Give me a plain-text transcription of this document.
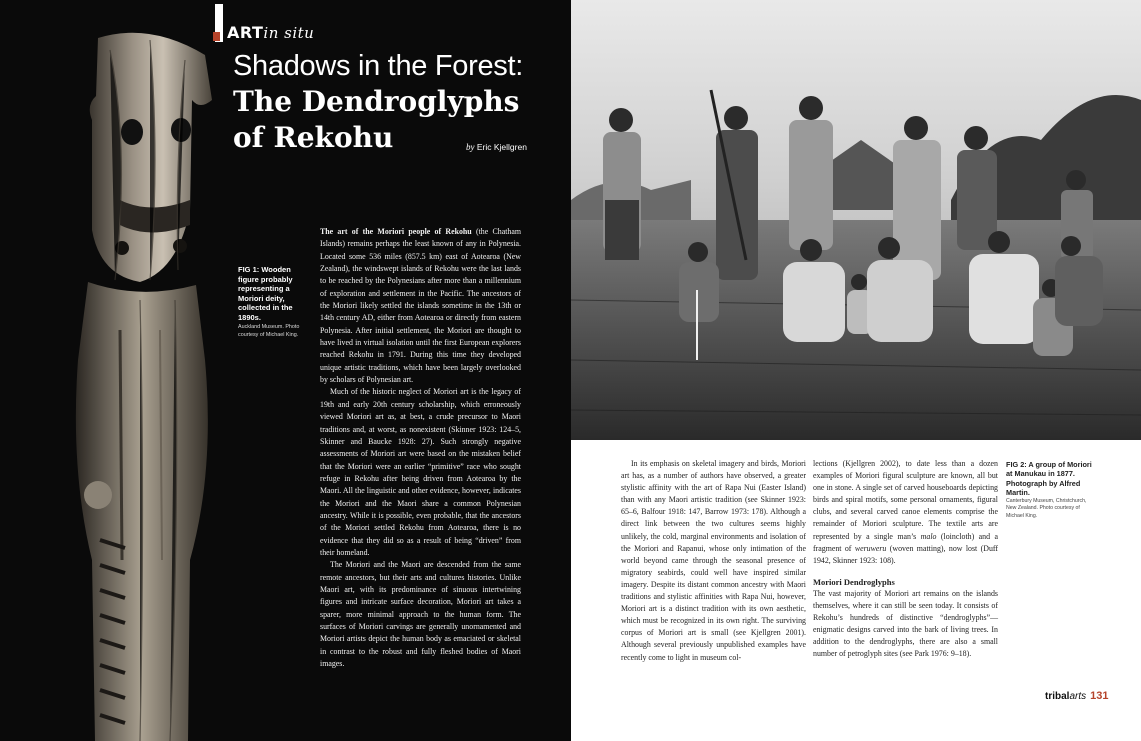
ARTin situ
Shadows in the Forest:
The Dendroglyphs
of Rekohu	by Eric Kjellgren
FIG 1: Wooden figure probably representing a Moriori deity, collected in the 1890s.
Auckland Museum. Photo courtesy of Michael King.

The art of the Moriori people of Rekohu (the Chatham Islands) remains perhaps the least known of any in Polynesia. Located some 536 miles (857.5 km) east of Aotearoa (New Zealand), the windswept islands of Rekohu were the last lands to be reached by the Polynesians after more than a millennium of exploration and settlement in the Pacific. The ancestors of the Moriori likely settled the islands sometime in the 13th or 14th century AD, either from Aotearoa or directly from eastern Polynesia. After initial settlement, the Moriori are thought to have lived in virtual isolation until the first European explorers reached Rekohu in 1791. During this time they developed unique artistic traditions, which have been largely overlooked by scholars of Polynesian art.

Much of the historic neglect of Moriori art is the legacy of 19th and early 20th century scholarship, which erroneously viewed Moriori art as, at best, a crude precursor to Maori traditions and, at worst, as nonexistent (Skinner 1923: 124–5, Skinner and Baucke 1928: 27). Such strongly negative assessments of Moriori art were based on the mistaken belief that the Moriori were an earlier “primitive” race who sought refuge in Rekohu after being driven from Aotearoa by the Maori. All the linguistic and other evidence, however, indicates the Moriori and the Maori share a common Polynesian ancestry. While it is possible, even probable, that the ancestors of the Moriori settled Rekohu from Aotearoa, there is no evidence that they did so as a result of being “driven” from their homeland.

The Moriori and the Maori are descended from the same remote ancestors, but their arts and cultures histories. Unlike Maori art, with its predominance of sinuous intertwining figures and intricate surface decoration, Moriori art takes a sparer, more minimal approach to the human form. The surfaces of Moriori carvings are generally unornamented and Moriori artists depict the human body as emaciated or skeletal in contrast to the robust and fully fleshed bodies of Maori images.

In its emphasis on skeletal imagery and birds, Moriori art has, as a number of authors have observed, a greater stylistic affinity with the art of Rapa Nui (Easter Island) than with any Maori artistic tradition (see Skinner 1923: 65–6, Balfour 1918: 147, Barrow 1973: 178). Although a direct link between the two cultures seems highly unlikely, the cold, marginal environments and isolation of the Moriori and Rapanui, whose only intimation of the world beyond came through the seasonal presence of migratory seabirds, could well have inspired similar imagery. Despite its distant common ancestry with Maori traditions and stylistic affinities with Rapa Nui, however, Moriori art is a distinct tradition with its own aesthetic, which must be recognized in its own right. The surviving corpus of Moriori art is small (see Kjellgren 2001). Although several previously unpublished examples have recently come to light in museum col-

lections (Kjellgren 2002), to date less than a dozen examples of Moriori figural sculpture are known, all but one in stone. A single set of carved houseboards depicting birds and spiral motifs, some personal ornaments, figural clubs, and several carved canoe elements comprise the remainder of Moriori sculpture. The textile arts are represented by a single man’s malo (loincloth) and a fragment of weruweru (woven matting), now lost (Duff 1942, Skinner 1923: 108).

Moriori Dendroglyphs

The vast majority of Moriori art remains on the islands themselves, where it can still be seen today. It consists of Rekohu’s hundreds of distinctive “dendroglyphs”—enigmatic designs carved into the bark of living trees. In addition to the dendroglyphs, there are also a small number of petroglyph sites (see Park 1976: 9–18).

FIG 2: A group of Moriori at Manukau in 1877. Photograph by Alfred Martin.
Canterbury Museum, Christchurch, New Zealand. Photo courtesy of Michael King.
tribalarts 131
